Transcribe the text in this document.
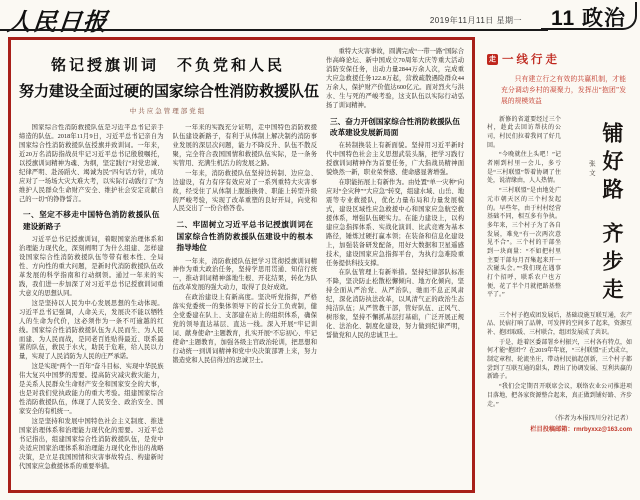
人民日报	2019年11月11日 星期一 11 政治
铭记授旗训词　不负党和人民
努力建设全面过硬的国家综合性消防救援队伍
中共应急管理部党组

国家综合性消防救援队伍是习近平总书记亲手缔造的队伍。2018年11月9日，习近平总书记亲自为国家综合性消防救援队伍授旗并致训词。一年来，近20万名消防指战员牢记习近平总书记殷殷嘱托，以授旗训词精神为魂、为纲，坚定践行“对党忠诚、纪律严明、赴汤蹈火、竭诚为民”四句话方针，成功应对了一场场大灾大难大考，以实际行动践行了“为维护人民群众生命财产安全、维护社会安定贡献自己的一切”的铮铮誓言。

一、坚定不移走中国特色消防救援队伍建设新路子

习近平总书记授旗训词，着眼国家治理体系和治理能力现代化，深刻阐明了为什么组建、怎样建设国家综合性消防救援队伍等带有根本性、全局性、方向性的重大问题，是新时代消防救援队伍改革发展的科学指南和行动纲领。通过一年来的实践，我们进一步加深了对习近平总书记授旗训词重大意义的思想认同。

这是坚持以人民为中心发展思想的生动体现。习近平总书记强调，人命关天，发展决不能以牺牲人的生命为代价，这必须作为一条不可逾越的红线。国家综合性消防救援队伍为人民而生、为人民而建、为人民而战，是同老百姓贴得最近、联系最紧的队伍，救民于水火，助民于危难，给人民以力量，实现了人民消防为人民的庄严承诺。

这是实现“两个一百年”奋斗目标、实现中华民族伟大复兴中国梦的需要。提高防灾减灾救灾能力，是关系人民群众生命财产安全和国家安全的大事，也是对我们党执政能力的重大考验。组建国家综合性消防救援队伍，体现了人民安全、政治安全、国家安全的有机统一。

这是坚持和发展中国特色社会主义制度、推进国家治理体系和治理能力现代化的需要。习近平总书记指出，组建国家综合性消防救援队伍，是党中央适应国家治理体系和治理能力现代化作出的战略决策，是立足我国国情和灾害事故特点、构建新时代国家应急救援体系的重要举措。

一年来的实践充分证明，走中国特色消防救援队伍建设新路子，有利于从体制上解决制约消防事业发展的深层次问题，能力不降反升、队伍不散反聚，完全符合我国国情和救援队伍实际，是一条务实管用、充满生机活力的发展之路。

一年来，消防救援队伍坚持边转制、边应急、边建设，有力有序有效应对了一系列重特大灾害事故，经受住了从体制上脱胎换骨、职能上转型升级的严峻考验，实现了改革重塑的良好开局，向党和人民交出了一份合格答卷。

二、牢固树立习近平总书记授旗训词在国家综合性消防救援队伍建设中的根本指导地位

一年来，消防救援队伍把学习贯彻授旗训词精神作为重大政治任务，坚持学思用贯通、知信行统一，推动训词精神落地生根、开花结果，转化为队伍改革发展的强大动力，取得了良好成效。

在政治建设上有新高度。坚决听党指挥，严格落实党委统一的集体领导下的首长分工负责制，健全党委建在队上、支部建在站上的组织体系，确保党的领导直达基层、直达一线。深入开展“牢记训词、献身使命”主题教育，扎实开展“不忘初心、牢记使命”主题教育，加强各级主官政治轮训，把思想和行动统一到训词精神和党中央决策部署上来，努力锻造党和人民信得过的忠诚卫士。

重特大灾害事故，圆满完成“一带一路”国际合作高峰论坛、新中国成立70周年大庆等重大活动消防安保任务，出动力量2844万余人次，完成重大应急救援任务122.8万起，营救疏散遇险群众44万余人，保护财产价值达600亿元。面对烈火与洪水、生与死的严峻考验，这支队伍以实际行动弘扬了训词精神。

三、奋力开创国家综合性消防救援队伍改革建设发展新局面

在转制换装上有新面貌。坚持用习近平新时代中国特色社会主义思想武装头脑，把学习践行授旗训词精神作为首要任务，广大指战员精神面貌焕然一新，职业荣誉感、使命感显著增强。

在职能拓展上有新作为。由处置“单一灾种”向应对“全灾种”“大应急”转变，组建水域、山岳、地震等专业救援队，优化力量布局和力量发展模式，建设区域性应急救援中心和国家应急航空救援体系，增强队伍硬实力。在能力建设上，以构建应急指挥体系、实战化演训、比武竞赛为基本路径，锤炼过硬打赢本领；在装备和信息化建设上，加强装备研发配备，用好大数据和卫星遥感技术，建设国家应急指挥平台，为执行急难险重任务提供科技支撑。

在队伍管理上有新举措。坚持纪律部队标准不降，坚决防止松散松懈倾向、地方化倾向，坚持全面从严治党、从严治队，驰而不息正风肃纪，深化消防执法改革，以风清气正的政治生态纯洁队伍；从严管教干部，管好队伍、正风气、树形象，坚持不懈抓基层打基础，广泛开展正规化、法治化、制度化建设，努力做到纪律严明，誓做党和人民的忠诚卫士。

走 一线行走
只有建立行之有效的共赢机制，才能充分调动乡村的凝聚力，发挥出“抱团”发展的规模效益

新修的省道要经过三个村，趁此去回访帮扶的公司，村民们拉着我问了好几回。

“今晚就住上头吧！”记者刚到村里一会儿，多亏是“三村联盟”帮着协调了住处，说清缘由，人人热情。

“三村联盟”是由地处广元市朝天区的三个村发起的。早些年，由于村村经营基础不同，相互多有争执。多年来，三个村子为了各自发展，难免“有一次两次意见不合”。三个村的干部坐到一块商量：“不如把村里主要干部每月召集起来开一次碰头会。”“我们现在遇事打个招呼，联系农户也方便，花了半个月就把路基整平了。”

张文 铺好路齐步走

三个村子抱成团发展后，基础设施互联互通，农产品、民宿打响了品牌，可发挥的空间多了起来，资源互补、抱团取暖、三村联合，组团发展成了共识。

于是，趁着区委部署乡村振兴，三村各有特点，如何才能“抱团”？在2019年年底，“三村联盟”正式成立，制定章程、轮流坐庄，带动村民搞起创新，三个村子都尝到了互联互通的甜头，蹚出了协调发展、互利共赢的新路子。

“我们会定期召开联席会议，联络农业公司推进项目落地，把各家资源整合起来，真正做到铺好路、齐步走。”

（作者为本报四川分社记者）
栏目投稿邮箱：rmrbyxxz@163.com
